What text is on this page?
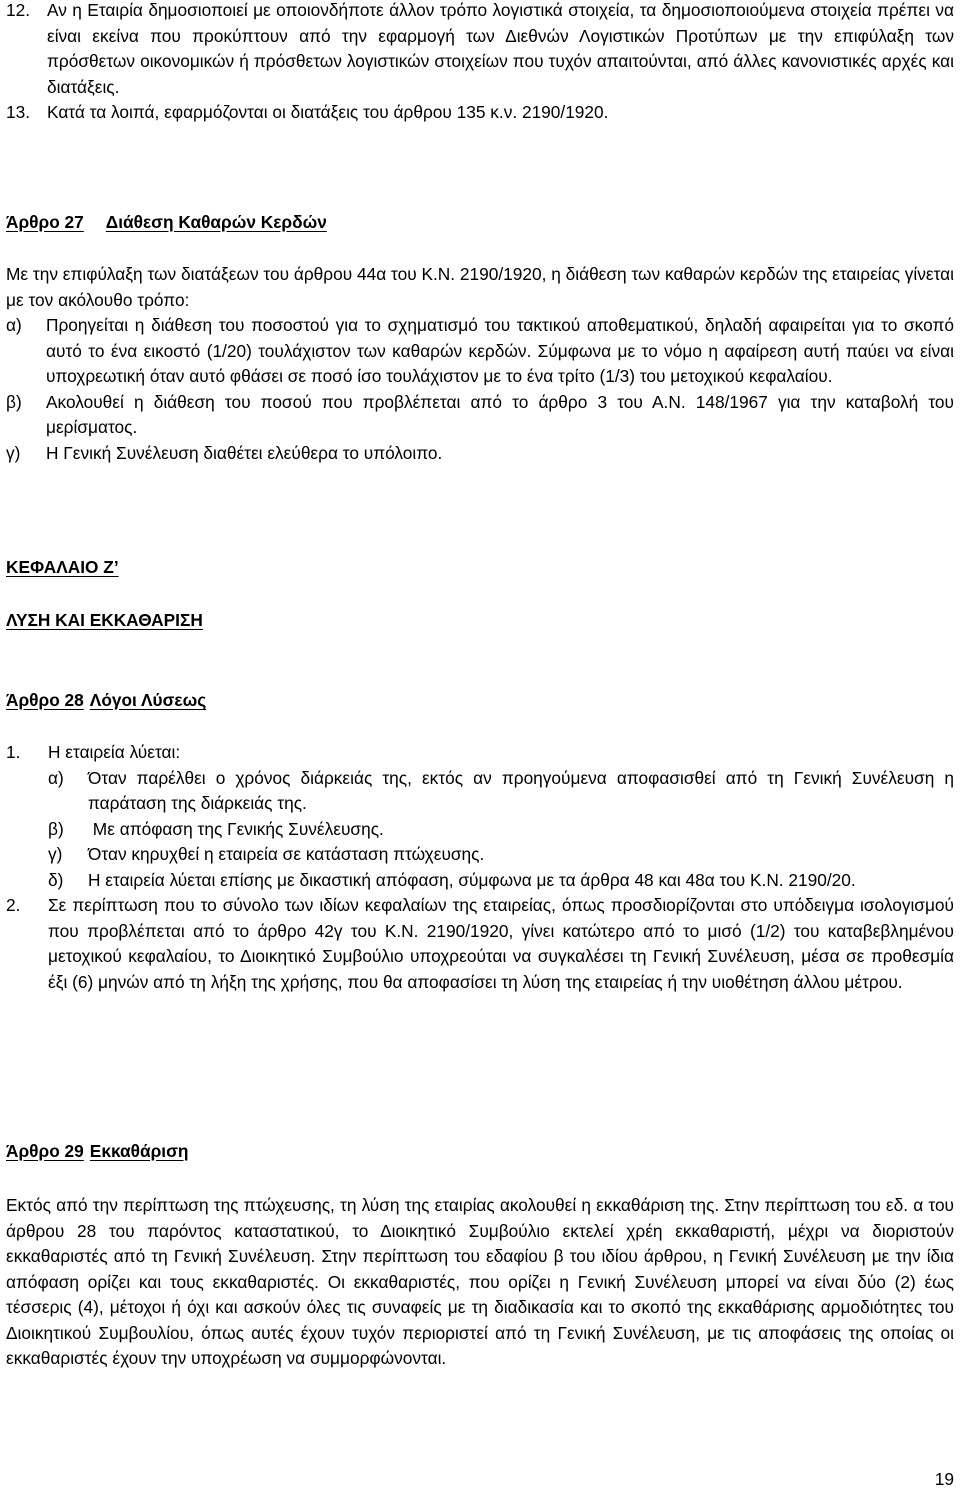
12. Αν η Εταιρία δημοσιοποιεί με οποιονδήποτε άλλον τρόπο λογιστικά στοιχεία, τα δημοσιοποιούμενα στοιχεία πρέπει να είναι εκείνα που προκύπτουν από την εφαρμογή των Διεθνών Λογιστικών Προτύπων με την επιφύλαξη των πρόσθετων οικονομικών ή πρόσθετων λογιστικών στοιχείων που τυχόν απαιτούνται, από άλλες κανονιστικές αρχές και διατάξεις.

13. Κατά τα λοιπά, εφαρμόζονται οι διατάξεις του άρθρου 135 κ.ν. 2190/1920.

Άρθρο 27 Διάθεση Καθαρών Κερδών

Με την επιφύλαξη των διατάξεων του άρθρου 44α του Κ.Ν. 2190/1920, η διάθεση των καθαρών κερδών της εταιρείας γίνεται με τον ακόλουθο τρόπο:

α)	Προηγείται η διάθεση του ποσοστού για το σχηματισμό του τακτικού αποθεματικού, δηλαδή αφαιρείται για το σκοπό αυτό το ένα εικοστό (1/20) τουλάχιστον των καθαρών κερδών. Σύμφωνα με το νόμο η αφαίρεση αυτή παύει να είναι υποχρεωτική όταν αυτό φθάσει σε ποσό ίσο τουλάχιστον με το ένα τρίτο (1/3) του μετοχικού κεφαλαίου.

β)	Ακολουθεί η διάθεση του ποσού που προβλέπεται από το άρθρο 3 του Α.Ν. 148/1967 για την καταβολή του μερίσματος.

γ)	Η Γενική Συνέλευση διαθέτει ελεύθερα το υπόλοιπο.

ΚΕΦΑΛΑΙΟ Ζ’
ΛΥΣΗ ΚΑΙ ΕΚΚΑΘΑΡΙΣΗ
Άρθρο 28 Λόγοι Λύσεως
1.	Η εταιρεία λύεται:

α)	Όταν παρέλθει ο χρόνος διάρκειάς της, εκτός αν προηγούμενα αποφασισθεί από τη Γενική Συνέλευση η παράταση της διάρκειάς της.

β)	Με απόφαση της Γενικής Συνέλευσης.

γ)	Όταν κηρυχθεί η εταιρεία σε κατάσταση πτώχευσης.

δ)	Η εταιρεία λύεται επίσης με δικαστική απόφαση, σύμφωνα με τα άρθρα 48 και 48α του Κ.Ν. 2190/20.

2.	Σε περίπτωση που το σύνολο των ιδίων κεφαλαίων της εταιρείας, όπως προσδιορίζονται στο υπόδειγμα ισολογισμού που προβλέπεται από το άρθρο 42γ του Κ.Ν. 2190/1920, γίνει κατώτερο από το μισό (1/2) του καταβεβλημένου μετοχικού κεφαλαίου, το Διοικητικό Συμβούλιο υποχρεούται να συγκαλέσει τη Γενική Συνέλευση, μέσα σε προθεσμία έξι (6) μηνών από τη λήξη της χρήσης, που θα αποφασίσει τη λύση της εταιρείας ή την υιοθέτηση άλλου μέτρου.

Άρθρο 29 Εκκαθάριση

Εκτός από την περίπτωση της πτώχευσης, τη λύση της εταιρίας ακολουθεί η εκκαθάριση της. Στην περίπτωση του εδ. α του άρθρου 28 του παρόντος καταστατικού, το Διοικητικό Συμβούλιο εκτελεί χρέη εκκαθαριστή, μέχρι να διοριστούν εκκαθαριστές από τη Γενική Συνέλευση. Στην περίπτωση του εδαφίου β του ιδίου άρθρου, η Γενική Συνέλευση με την ίδια απόφαση ορίζει και τους εκκαθαριστές. Οι εκκαθαριστές, που ορίζει η Γενική Συνέλευση μπορεί να είναι δύο (2) έως τέσσερις (4), μέτοχοι ή όχι και ασκούν όλες τις συναφείς με τη διαδικασία και το σκοπό της εκκαθάρισης αρμοδιότητες του Διοικητικού Συμβουλίου, όπως αυτές έχουν τυχόν περιοριστεί από τη Γενική Συνέλευση, με τις αποφάσεις της οποίας οι εκκαθαριστές έχουν την υποχρέωση να συμμορφώνονται.

19
